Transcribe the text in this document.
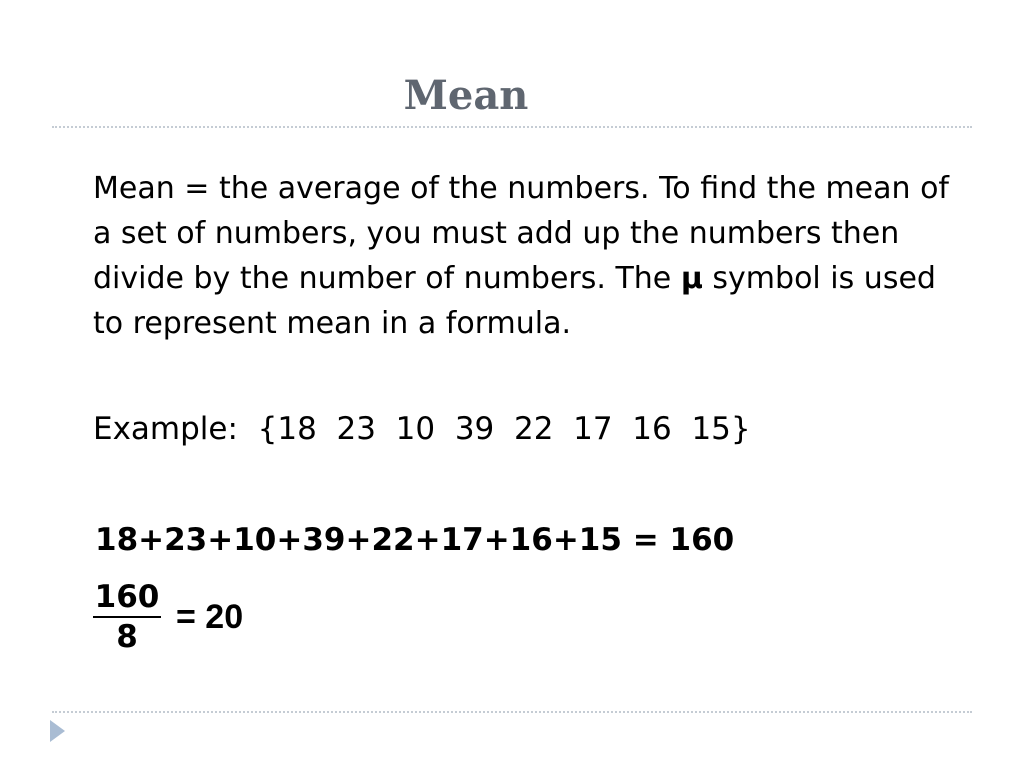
Mean
Mean = the average of the numbers. To find the mean of a set of numbers, you must add up the numbers then divide by the number of numbers. The μ symbol is used to represent mean in a formula.
Example:  {18  23  10  39  22  17  16  15}
18+23+10+39+22+17+16+15 = 160
$\frac{160}{8} = 20$
